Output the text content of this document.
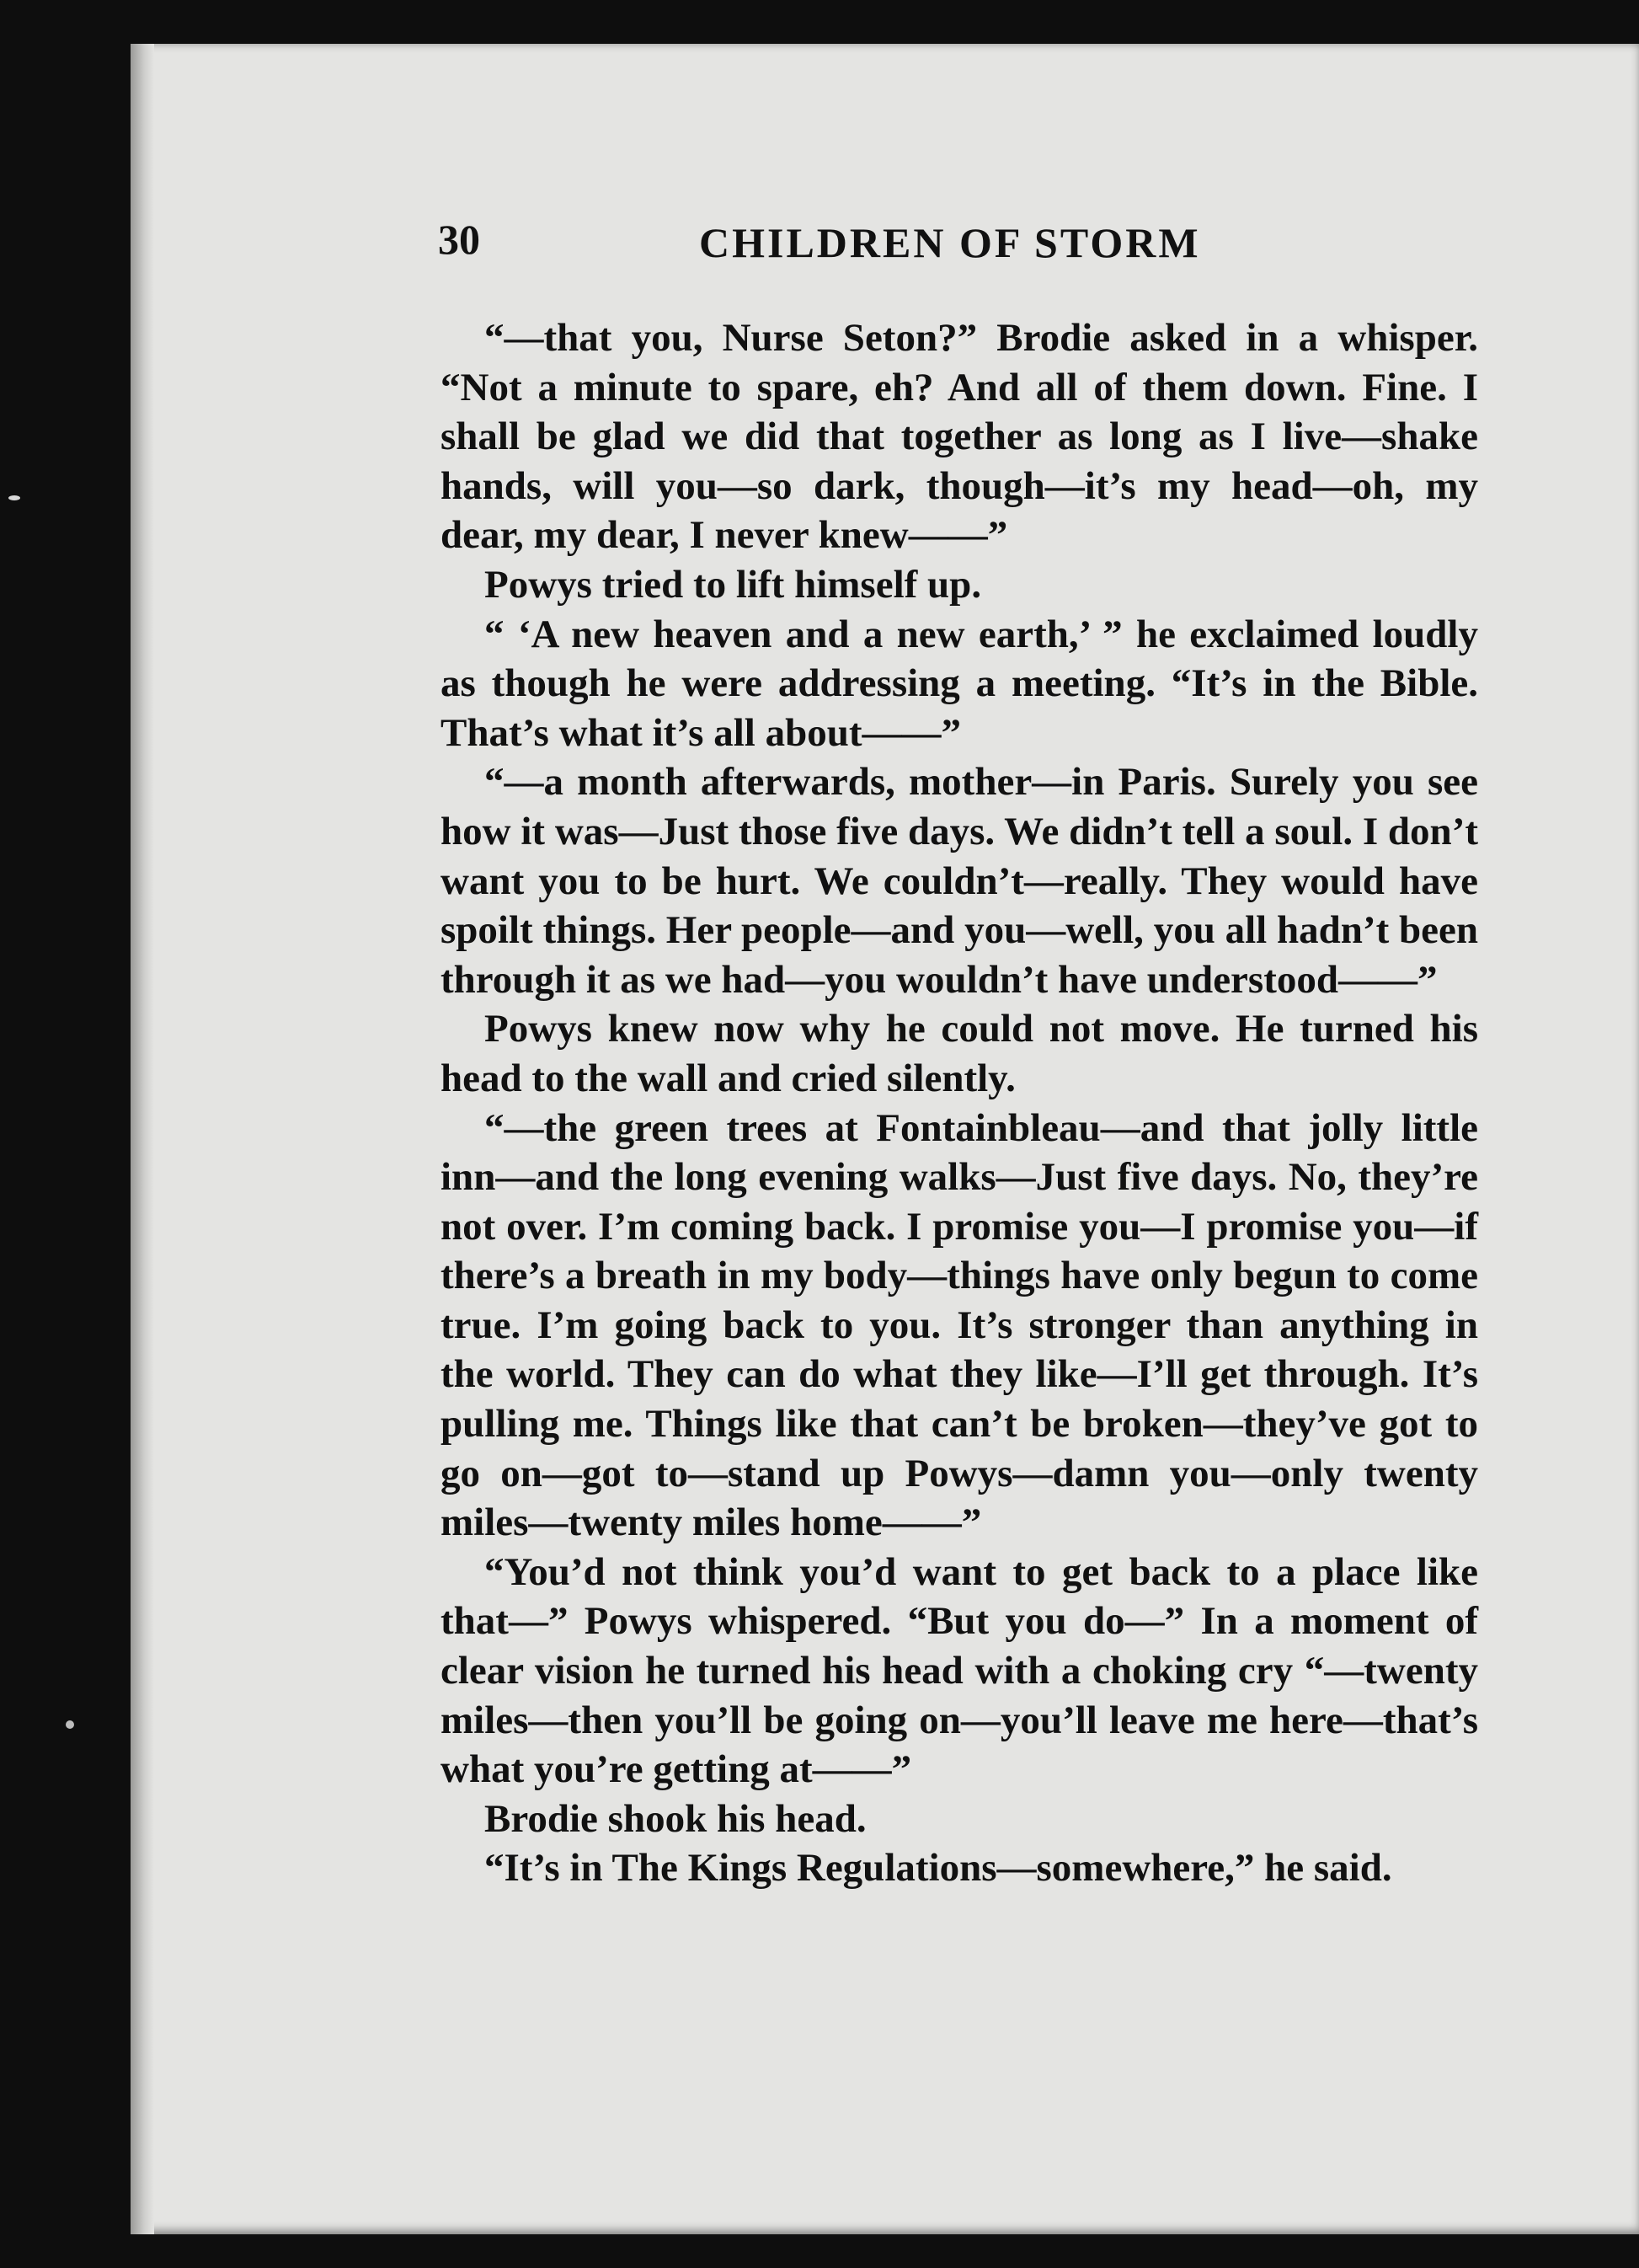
30	CHILDREN OF STORM

“—that you, Nurse Seton?” Brodie asked in a whisper. “Not a minute to spare, eh? And all of them down. Fine. I shall be glad we did that together as long as I live—shake hands, will you—so dark, though—it’s my head—oh, my dear, my dear, I never knew——”

Powys tried to lift himself up.

“ ‘A new heaven and a new earth,’ ” he exclaimed loudly as though he were addressing a meeting. “It’s in the Bible. That’s what it’s all about——”

“—a month afterwards, mother—in Paris. Surely you see how it was—Just those five days. We didn’t tell a soul. I don’t want you to be hurt. We couldn’t—really. They would have spoilt things. Her people—and you—well, you all hadn’t been through it as we had—you wouldn’t have understood——”

Powys knew now why he could not move. He turned his head to the wall and cried silently.

“—the green trees at Fontainbleau—and that jolly little inn—and the long evening walks—Just five days. No, they’re not over. I’m coming back. I promise you—I promise you—if there’s a breath in my body—things have only begun to come true. I’m going back to you. It’s stronger than anything in the world. They can do what they like—I’ll get through. It’s pulling me. Things like that can’t be broken—they’ve got to go on—got to—stand up Powys—damn you—only twenty miles—twenty miles home——”

“You’d not think you’d want to get back to a place like that—” Powys whispered. “But you do—” In a moment of clear vision he turned his head with a choking cry “—twenty miles—then you’ll be going on—you’ll leave me here—that’s what you’re getting at——”

Brodie shook his head.

“It’s in The Kings Regulations—somewhere,” he said.
